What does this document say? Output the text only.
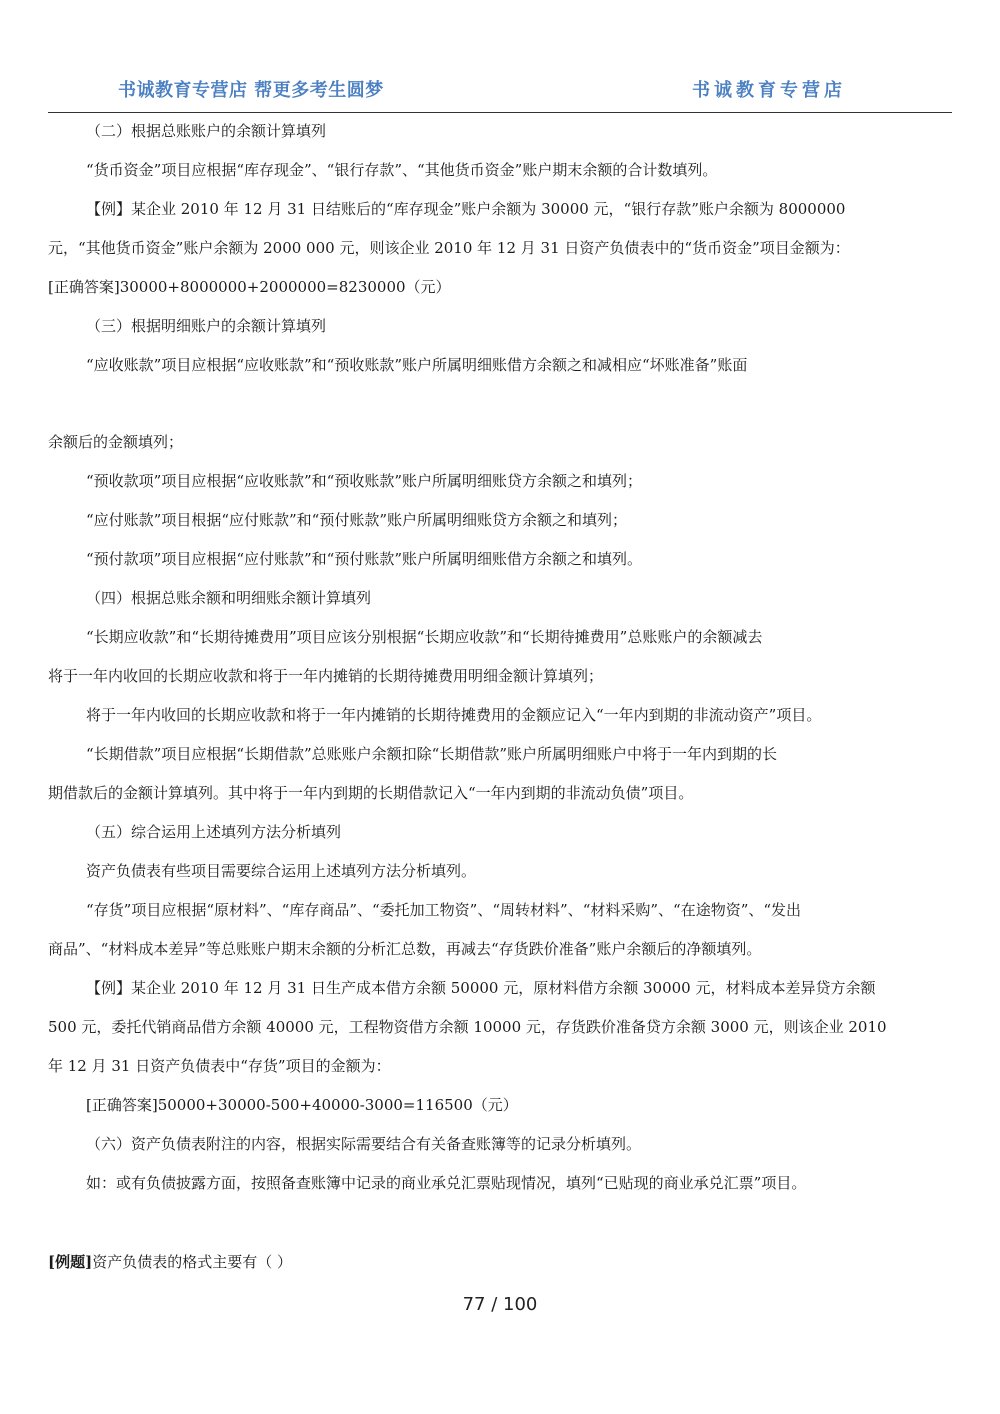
书诚教育专营店 帮更多考生圆梦	书诚教育专营店
（二）根据总账账户的余额计算填列
“货币资金”项目应根据“库存现金”、“银行存款”、“其他货币资金”账户期末余额的合计数填列。
【例】某企业 2010 年 12 月 31 日结账后的“库存现金”账户余额为 30000 元，“银行存款”账户余额为 8000000
元，“其他货币资金”账户余额为 2000 000 元，则该企业 2010 年 12 月 31 日资产负债表中的“货币资金”项目金额为：
[正确答案]30000+8000000+2000000=8230000（元）
（三）根据明细账户的余额计算填列
“应收账款”项目应根据“应收账款”和“预收账款”账户所属明细账借方余额之和减相应“坏账准备”账面
余额后的金额填列；
“预收款项”项目应根据“应收账款”和“预收账款”账户所属明细账贷方余额之和填列；
“应付账款”项目根据“应付账款”和“预付账款”账户所属明细账贷方余额之和填列；
“预付款项”项目应根据“应付账款”和“预付账款”账户所属明细账借方余额之和填列。
（四）根据总账余额和明细账余额计算填列
“长期应收款”和“长期待摊费用”项目应该分别根据“长期应收款”和“长期待摊费用”总账账户的余额减去
将于一年内收回的长期应收款和将于一年内摊销的长期待摊费用明细金额计算填列；
将于一年内收回的长期应收款和将于一年内摊销的长期待摊费用的金额应记入“一年内到期的非流动资产”项目。
“长期借款”项目应根据“长期借款”总账账户余额扣除“长期借款”账户所属明细账户中将于一年内到期的长
期借款后的金额计算填列。其中将于一年内到期的长期借款记入“一年内到期的非流动负债”项目。
（五）综合运用上述填列方法分析填列
资产负债表有些项目需要综合运用上述填列方法分析填列。
“存货”项目应根据“原材料”、“库存商品”、“委托加工物资”、“周转材料”、“材料采购”、“在途物资”、“发出
商品”、“材料成本差异”等总账账户期末余额的分析汇总数，再减去“存货跌价准备”账户余额后的净额填列。
【例】某企业 2010 年 12 月 31 日生产成本借方余额 50000 元，原材料借方余额 30000 元，材料成本差异贷方余额
500 元，委托代销商品借方余额 40000 元，工程物资借方余额 10000 元，存货跌价准备贷方余额 3000 元，则该企业 2010
年 12 月 31 日资产负债表中“存货”项目的金额为：
[正确答案]50000+30000-500+40000-3000=116500（元）
（六）资产负债表附注的内容，根据实际需要结合有关备查账簿等的记录分析填列。
如：或有负债披露方面，按照备查账簿中记录的商业承兑汇票贴现情况，填列“已贴现的商业承兑汇票”项目。
[例题]资产负债表的格式主要有（ ）
77 / 100
